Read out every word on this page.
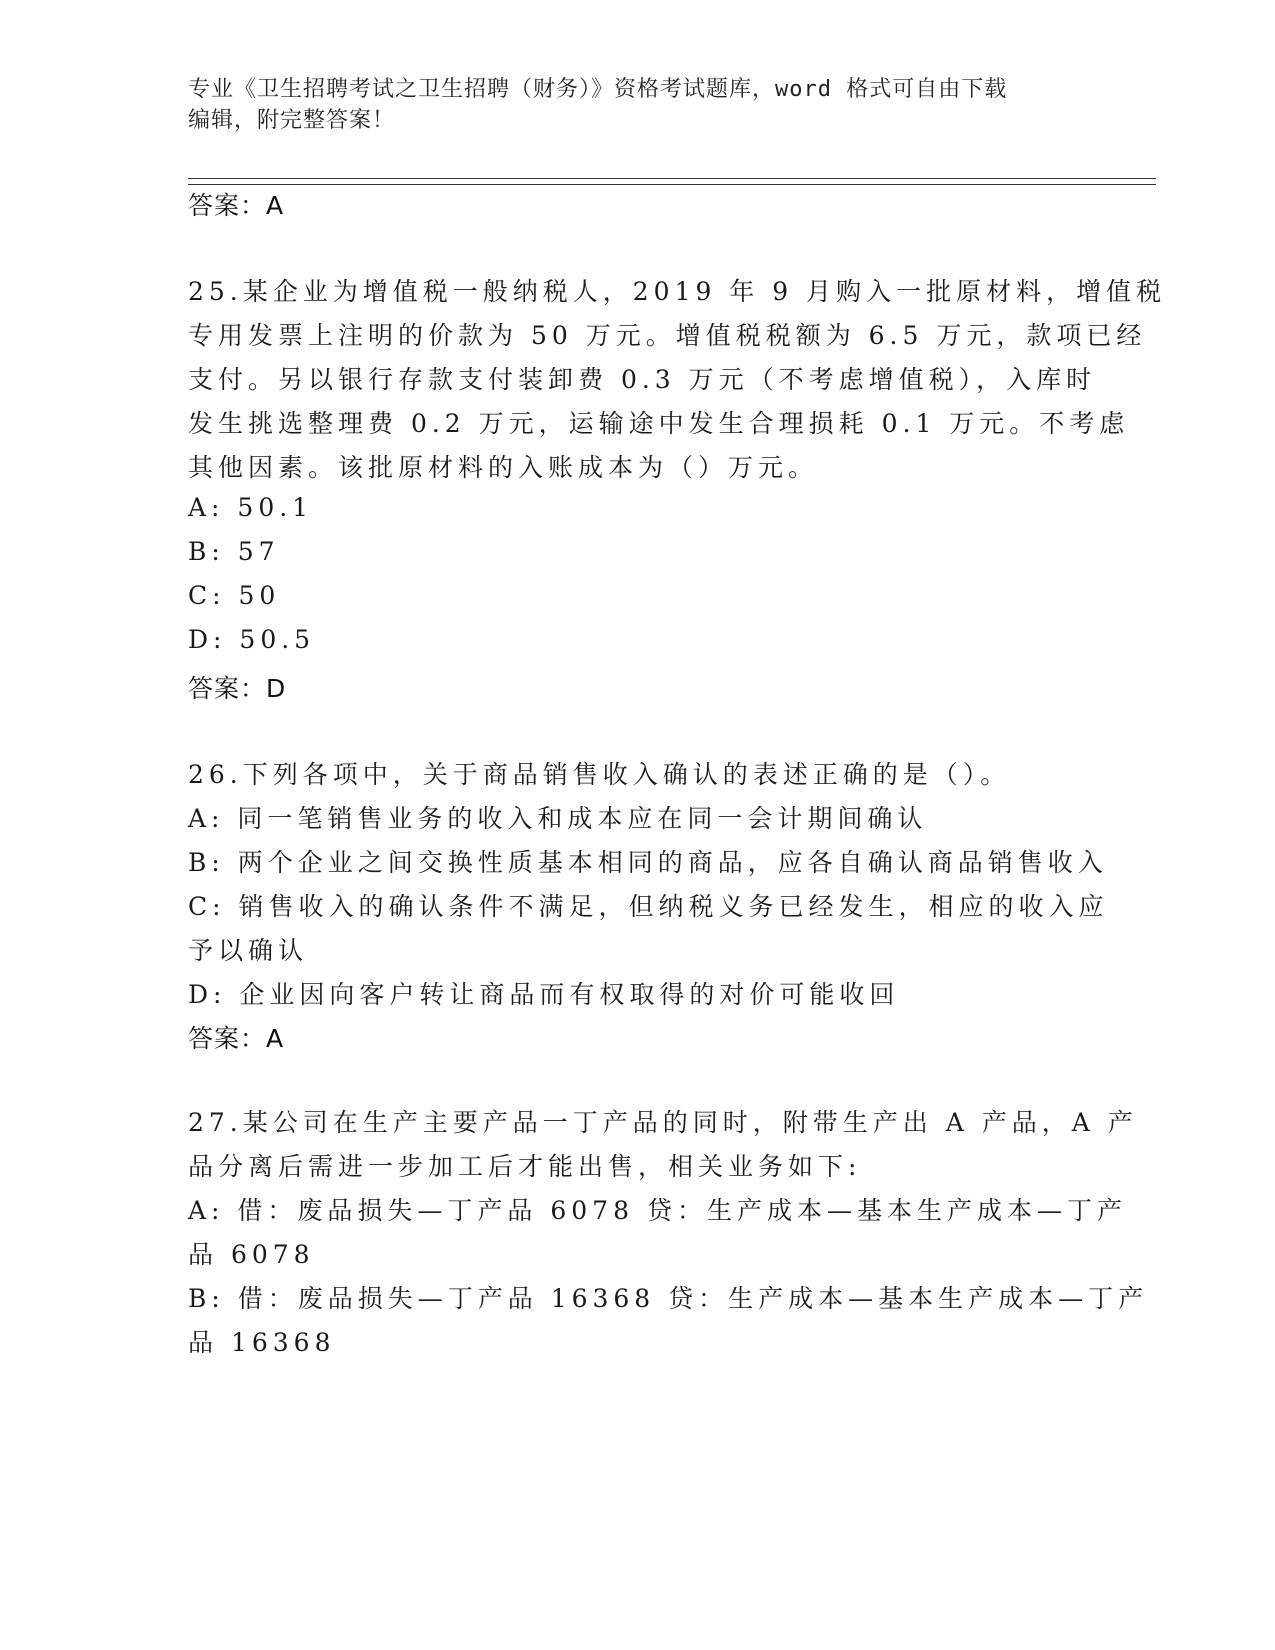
专业《卫生招聘考试之卫生招聘（财务）》资格考试题库，word 格式可自由下载
编辑，附完整答案！
答案：A
25.某企业为增值税一般纳税人，2019 年 9 月购入一批原材料，增值税
专用发票上注明的价款为 50 万元。增值税税额为 6.5 万元，款项已经
支付。另以银行存款支付装卸费 0.3 万元（不考虑增值税），入库时
发生挑选整理费 0.2 万元，运输途中发生合理损耗 0.1 万元。不考虑
其他因素。该批原材料的入账成本为（）万元。
A: 50.1
B: 57
C: 50
D: 50.5
答案：D
26.下列各项中，关于商品销售收入确认的表述正确的是（）。
A: 同一笔销售业务的收入和成本应在同一会计期间确认
B: 两个企业之间交换性质基本相同的商品，应各自确认商品销售收入
C: 销售收入的确认条件不满足，但纳税义务已经发生，相应的收入应
予以确认
D: 企业因向客户转让商品而有权取得的对价可能收回
答案：A
27.某公司在生产主要产品一丁产品的同时，附带生产出 A 产品，A 产
品分离后需进一步加工后才能出售，相关业务如下:
A: 借：废品损失—丁产品 6078 贷：生产成本—基本生产成本—丁产
品 6078
B: 借：废品损失—丁产品 16368 贷：生产成本—基本生产成本—丁产
品 16368
